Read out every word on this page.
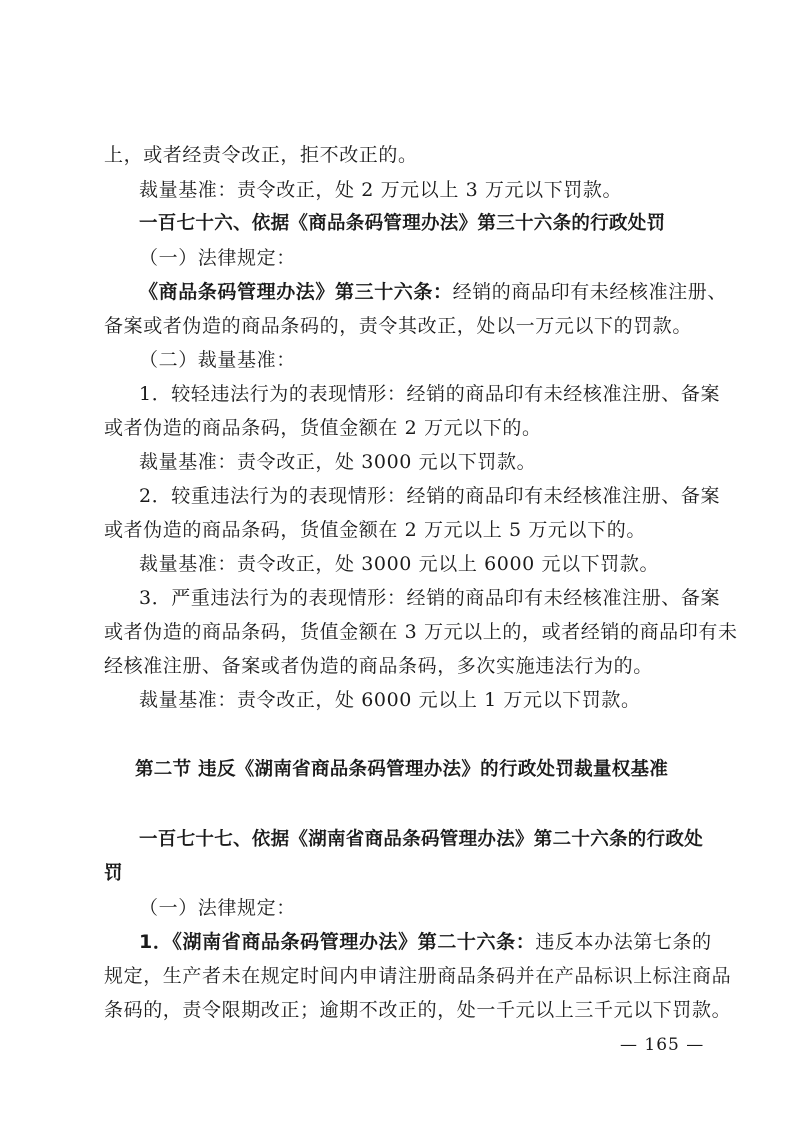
上，或者经责令改正，拒不改正的。
裁量基准：责令改正，处 2 万元以上 3 万元以下罚款。
一百七十六、依据《商品条码管理办法》第三十六条的行政处罚
（一）法律规定：
《商品条码管理办法》第三十六条：经销的商品印有未经核准注册、
备案或者伪造的商品条码的，责令其改正，处以一万元以下的罚款。
（二）裁量基准：
1．较轻违法行为的表现情形：经销的商品印有未经核准注册、备案
或者伪造的商品条码，货值金额在 2 万元以下的。
裁量基准：责令改正，处 3000 元以下罚款。
2．较重违法行为的表现情形：经销的商品印有未经核准注册、备案
或者伪造的商品条码，货值金额在 2 万元以上 5 万元以下的。
裁量基准：责令改正，处 3000 元以上 6000 元以下罚款。
3．严重违法行为的表现情形：经销的商品印有未经核准注册、备案
或者伪造的商品条码，货值金额在 3 万元以上的，或者经销的商品印有未
经核准注册、备案或者伪造的商品条码，多次实施违法行为的。
裁量基准：责令改正，处 6000 元以上 1 万元以下罚款。
第二节 违反《湖南省商品条码管理办法》的行政处罚裁量权基准
一百七十七、依据《湖南省商品条码管理办法》第二十六条的行政处
罚
（一）法律规定：
1．《湖南省商品条码管理办法》第二十六条：违反本办法第七条的
规定，生产者未在规定时间内申请注册商品条码并在产品标识上标注商品
条码的，责令限期改正；逾期不改正的，处一千元以上三千元以下罚款。
— 165 —
